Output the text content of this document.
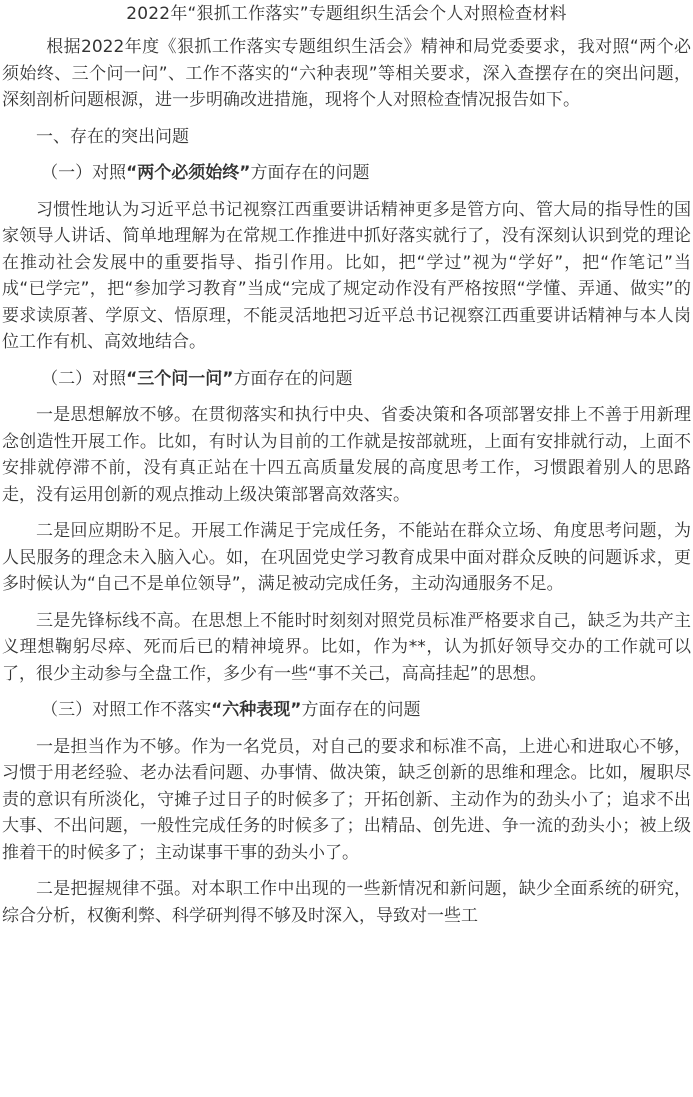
2022年“狠抓工作落实”专题组织生活会个人对照检查材料

根据2022年度《狠抓工作落实专题组织生活会》精神和局党委要求，我对照“两个必须始终、三个问一问”、工作不落实的“六种表现”等相关要求，深入查摆存在的突出问题，深刻剖析问题根源，进一步明确改进措施，现将个人对照检查情况报告如下。

一、存在的突出问题

（一）对照“两个必须始终”方面存在的问题

习惯性地认为习近平总书记视察江西重要讲话精神更多是管方向、管大局的指导性的国家领导人讲话、简单地理解为在常规工作推进中抓好落实就行了，没有深刻认识到党的理论在推动社会发展中的重要指导、指引作用。比如，把“学过”视为“学好”，把“作笔记”当成“已学完”，把“参加学习教育”当成“完成了规定动作没有严格按照“学懂、弄通、做实”的要求读原著、学原文、悟原理，不能灵活地把习近平总书记视察江西重要讲话精神与本人岗位工作有机、高效地结合。

（二）对照“三个问一问”方面存在的问题

一是思想解放不够。在贯彻落实和执行中央、省委决策和各项部署安排上不善于用新理念创造性开展工作。比如，有时认为目前的工作就是按部就班，上面有安排就行动，上面不安排就停滞不前，没有真正站在十四五高质量发展的高度思考工作，习惯跟着别人的思路走，没有运用创新的观点推动上级决策部署高效落实。

二是回应期盼不足。开展工作满足于完成任务，不能站在群众立场、角度思考问题，为人民服务的理念未入脑入心。如，在巩固党史学习教育成果中面对群众反映的问题诉求，更多时候认为“自己不是单位领导”，满足被动完成任务，主动沟通服务不足。

三是先锋标线不高。在思想上不能时时刻刻对照党员标准严格要求自己，缺乏为共产主义理想鞠躬尽瘁、死而后已的精神境界。比如，作为**，认为抓好领导交办的工作就可以了，很少主动参与全盘工作，多少有一些“事不关己，高高挂起”的思想。

（三）对照工作不落实“六种表现”方面存在的问题

一是担当作为不够。作为一名党员，对自己的要求和标准不高，上进心和进取心不够，习惯于用老经验、老办法看问题、办事情、做决策，缺乏创新的思维和理念。比如，履职尽责的意识有所淡化，守摊子过日子的时候多了；开拓创新、主动作为的劲头小了；追求不出大事、不出问题，一般性完成任务的时候多了；出精品、创先进、争一流的劲头小；被上级推着干的时候多了；主动谋事干事的劲头小了。

二是把握规律不强。对本职工作中出现的一些新情况和新问题，缺少全面系统的研究，综合分析，权衡利弊、科学研判得不够及时深入，导致对一些工
